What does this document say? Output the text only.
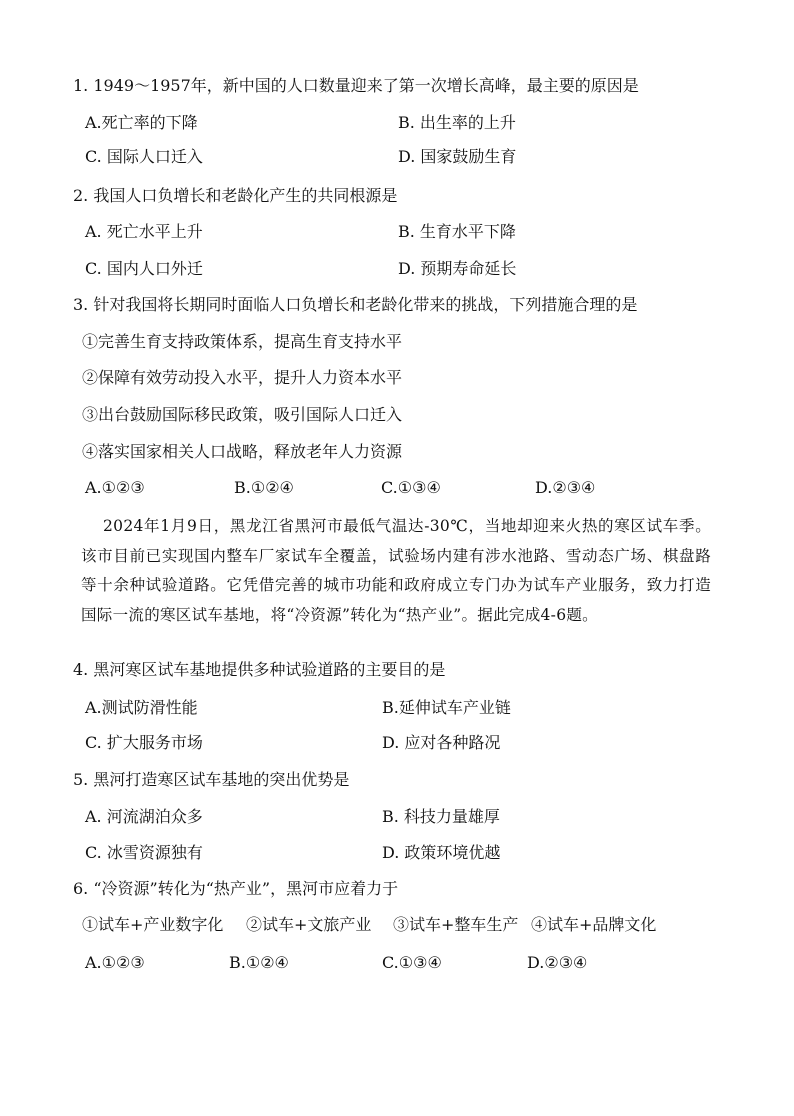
1. 1949～1957年，新中国的人口数量迎来了第一次增长高峰，最主要的原因是
A.死亡率的下降	B. 出生率的上升
C. 国际人口迁入	D. 国家鼓励生育
2. 我国人口负增长和老龄化产生的共同根源是
A. 死亡水平上升	B. 生育水平下降
C. 国内人口外迁	D. 预期寿命延长
3. 针对我国将长期同时面临人口负增长和老龄化带来的挑战，下列措施合理的是
①完善生育支持政策体系，提高生育支持水平
②保障有效劳动投入水平，提升人力资本水平
③出台鼓励国际移民政策，吸引国际人口迁入
④落实国家相关人口战略，释放老年人力资源
A.①②③	B.①②④	C.①③④	D.②③④
2024年1月9日，黑龙江省黑河市最低气温达-30℃，当地却迎来火热的寒区试车季。该市目前已实现国内整车厂家试车全覆盖，试验场内建有涉水池路、雪动态广场、棋盘路等十余种试验道路。它凭借完善的城市功能和政府成立专门办为试车产业服务，致力打造国际一流的寒区试车基地，将“冷资源”转化为“热产业”。据此完成4-6题。
4. 黑河寒区试车基地提供多种试验道路的主要目的是
A.测试防滑性能	B.延伸试车产业链
C. 扩大服务市场	D. 应对各种路况
5. 黑河打造寒区试车基地的突出优势是
A. 河流湖泊众多	B. 科技力量雄厚
C. 冰雪资源独有	D. 政策环境优越
6. “冷资源”转化为“热产业”，黑河市应着力于
①试车+产业数字化 ②试车+文旅产业 ③试车+整车生产 ④试车+品牌文化
A.①②③	B.①②④	C.①③④	D.②③④
